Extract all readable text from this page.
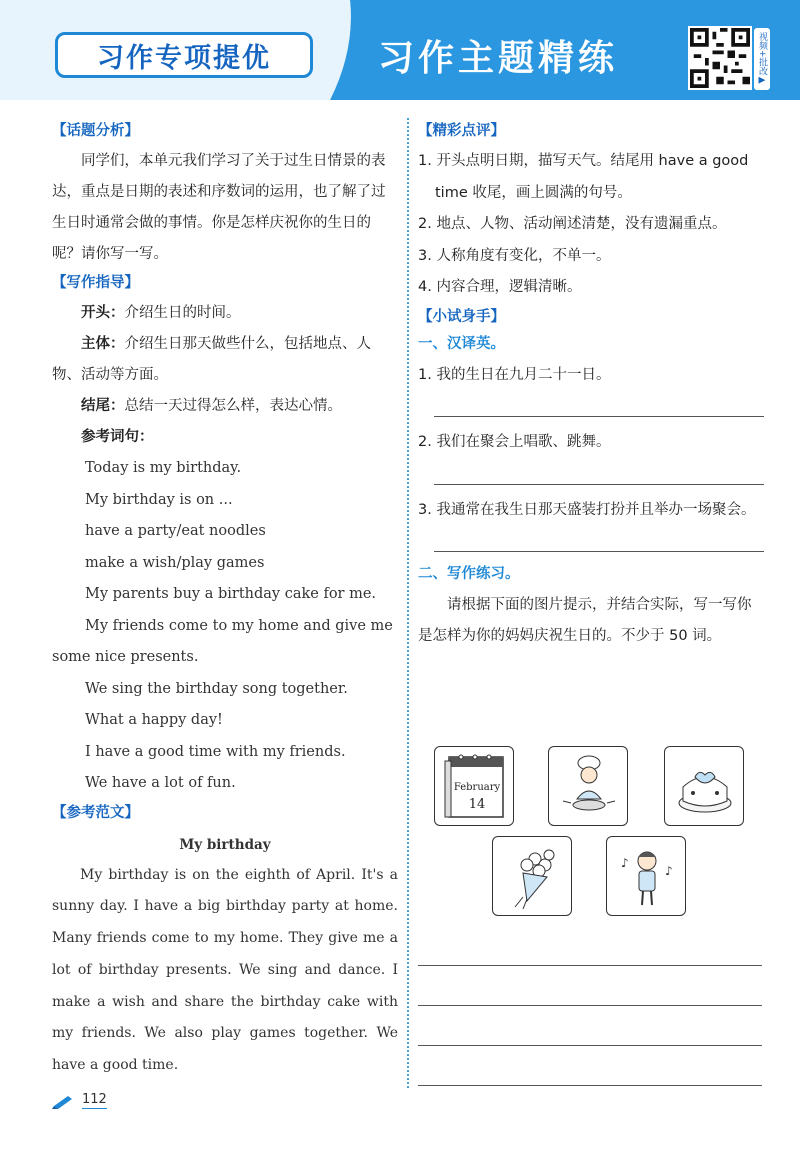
习作专项提优	习作主题精练	视频+批改▶
【话题分析】

同学们，本单元我们学习了关于过生日情景的表达，重点是日期的表述和序数词的运用，也了解了过生日时通常会做的事情。你是怎样庆祝你的生日的呢？请你写一写。

【写作指导】

开头：介绍生日的时间。

主体：介绍生日那天做些什么，包括地点、人物、活动等方面。

结尾：总结一天过得怎么样，表达心情。

参考词句：

Today is my birthday.

My birthday is on ...

have a party/eat noodles

make a wish/play games

My parents buy a birthday cake for me.

My friends come to my home and give me some nice presents.

We sing the birthday song together.

What a happy day!

I have a good time with my friends.

We have a lot of fun.

【参考范文】

My birthday

My birthday is on the eighth of April. It's a sunny day. I have a big birthday party at home. Many friends come to my home. They give me a lot of birthday presents. We sing and dance. I make a wish and share the birthday cake with my friends. We also play games together. We have a good time.

【精彩点评】

1. 开头点明日期，描写天气。结尾用 have a good time 收尾，画上圆满的句号。

2. 地点、人物、活动阐述清楚，没有遗漏重点。

3. 人称角度有变化，不单一。

4. 内容合理，逻辑清晰。

【小试身手】
一、汉译英。

1. 我的生日在九月二十一日。

2. 我们在聚会上唱歌、跳舞。

3. 我通常在我生日那天盛装打扮并且举办一场聚会。

二、写作练习。

请根据下面的图片提示，并结合实际，写一写你是怎样为你的妈妈庆祝生日的。不少于 50 词。

February
14
♪
♪
112
